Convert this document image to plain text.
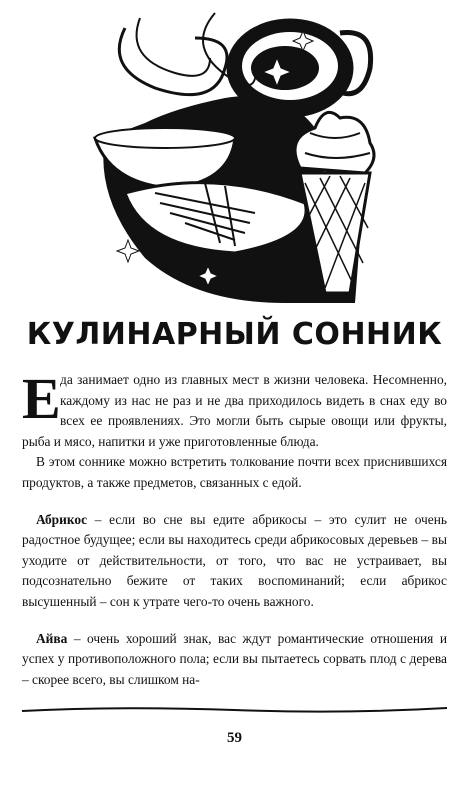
КУЛИНАРНЫЙ СОННИК
Е да занимает одно из главных мест в жизни человека. Несомненно, каждому из нас не раз и не два приходилось видеть в снах еду во всех ее проявлениях. Это могли быть сырые овощи или фрукты, рыба и мясо, напитки и уже приготовленные блюда.

В этом соннике можно встретить толкование почти всех приснившихся продуктов, а также предметов, связанных с едой.

Абрикос – если во сне вы едите абрикосы – это сулит не очень радостное будущее; если вы находитесь среди абрикосовых деревьев – вы уходите от действительности, от того, что вас не устраивает, вы подсознательно бежите от таких воспоминаний; если абрикос высушенный – сон к утрате чего-то очень важного.

Айва – очень хороший знак, вас ждут романтические отношения и успех у противоположного пола; если вы пытаетесь сорвать плод с дерева – скорее всего, вы слишком на-

59
